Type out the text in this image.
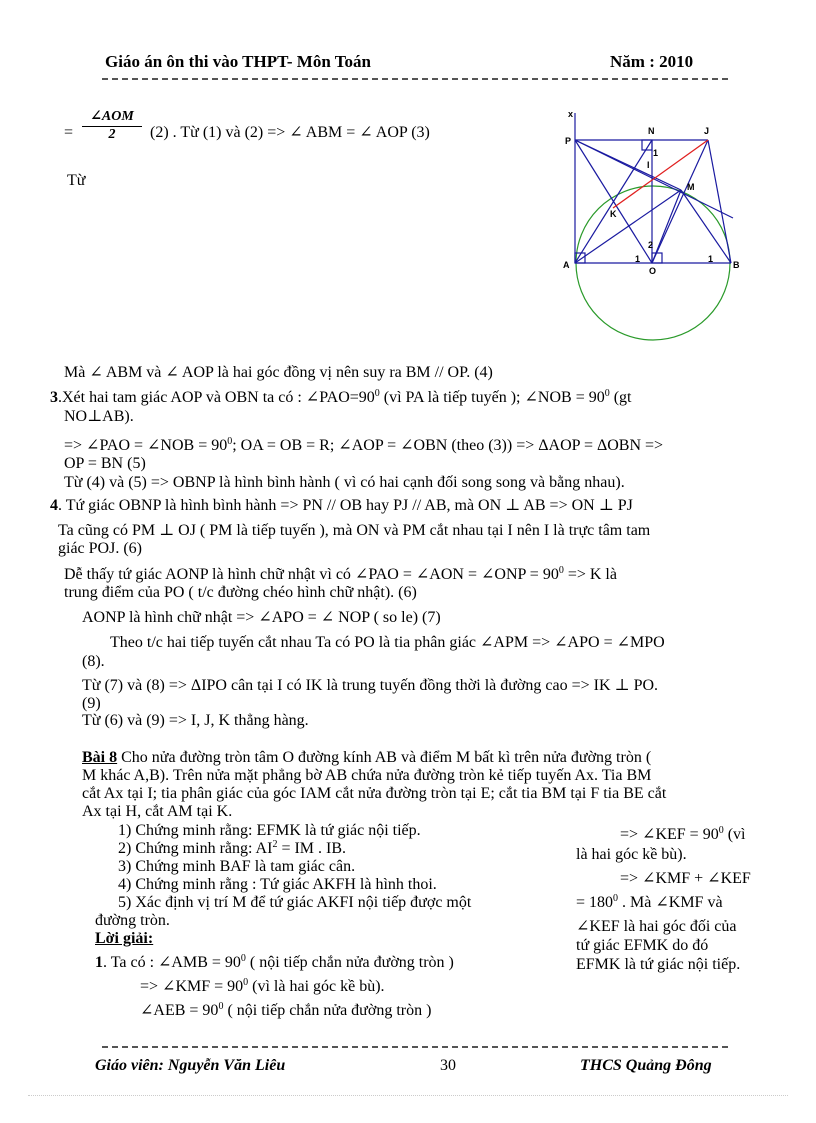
Giáo án ôn thi vào THPT- Môn Toán	Năm : 2010
=
∠AOM
2	(2) . Từ (1) và (2) => ∠ ABM = ∠ AOP (3)
Từ
x
P
N	J
I
M
K
A
O
B
1	1
1
2
Mà ∠ ABM và ∠ AOP là hai góc đồng vị nên suy ra BM // OP. (4)
3.Xét hai tam giác AOP và OBN ta có : $\angle PAO=90^0$ (vì PA là tiếp tuyến ); ∠NOB = $90^0$ (gt
NO⊥AB).
=> ∠PAO = ∠NOB = $90^0$; OA = OB = R; ∠AOP = ∠OBN (theo (3)) => ΔAOP = ΔOBN =>
OP = BN (5)
Từ (4) và (5) => OBNP là hình bình hành ( vì có hai cạnh đối song song và bằng nhau).
4. Tứ giác OBNP là hình bình hành => PN // OB hay PJ // AB, mà ON ⊥ AB => ON ⊥ PJ
Ta cũng có PM ⊥ OJ ( PM là tiếp tuyến ), mà ON và PM cắt nhau tại I nên I là trực tâm tam
giác POJ. (6)
Dễ thấy tứ giác AONP là hình chữ nhật vì có ∠PAO = ∠AON = ∠ONP = $90^0 => K$ là
trung điểm của PO ( t/c đường chéo hình chữ nhật). (6)
AONP là hình chữ nhật => ∠APO = ∠ NOP ( so le) (7)
Theo t/c hai tiếp tuyến cắt nhau Ta có PO là tia phân giác ∠APM => ∠APO = ∠MPO
(8).
Từ (7) và (8) => ΔIPO cân tại I có IK là trung tuyến đồng thời là đường cao => IK ⊥ PO.
(9)
Từ (6) và (9) => I, J, K thẳng hàng.
Bài 8 Cho nửa đường tròn tâm O đường kính AB và điểm M bất kì trên nửa đường tròn (
M khác A,B). Trên nửa mặt phẳng bờ AB chứa nửa đường tròn kẻ tiếp tuyến Ax. Tia BM
cắt Ax tại I; tia phân giác của góc IAM cắt nửa đường tròn tại E; cắt tia BM tại F tia BE cắt
Ax tại H, cắt AM tại K.
1) Chứng minh rằng: EFMK là tứ giác nội tiếp.
2) Chứng minh rằng: $AI^2$ = IM . IB.
3) Chứng minh BAF là tam giác cân.
4) Chứng minh rằng : Tứ giác AKFH là hình thoi.
5) Xác định vị trí M để tứ giác AKFI nội tiếp được một
đường tròn.
Lời giải:
1. Ta có : ∠AMB = $90^0$ ( nội tiếp chắn nửa đường tròn )
=> ∠KMF = $90^0$ (vì là hai góc kề bù).
∠AEB = $90^0$ ( nội tiếp chắn nửa đường tròn )
=> ∠KEF = $90^0$ (vì
là hai góc kề bù).
=> ∠KMF + ∠KEF
= $180^0$ . Mà ∠KMF và
∠KEF là hai góc đối của
tứ giác EFMK do đó
EFMK là tứ giác nội tiếp.
Giáo viên: Nguyễn Văn Liêu	30	THCS Quảng Đông
